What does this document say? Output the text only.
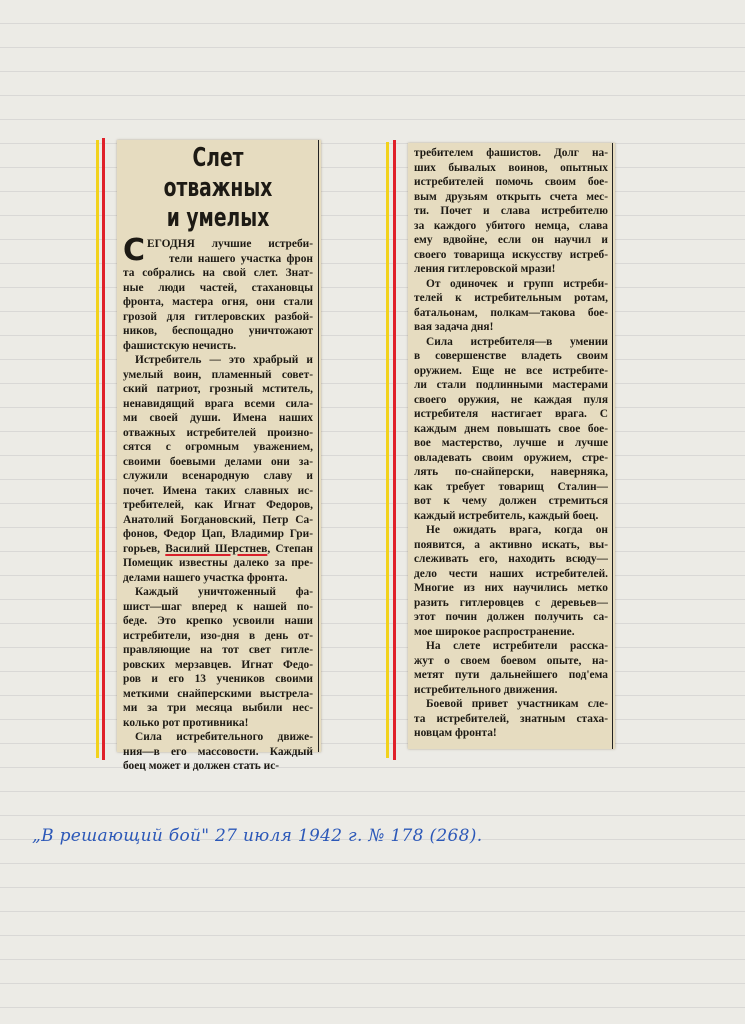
Слет отважных
и умелых
С ЕГОДНЯ лучшие истреби-
тели нашего участка фрон
та собрались на свой слет. Знат-
ные люди частей, стахановцы
фронта, мастера огня, они стали
грозой для гитлеровских разбой-
ников, беспощадно уничтожают
фашистскую нечисть.
Истребитель — это храбрый и
умелый воин, пламенный совет-
ский патриот, грозный мститель,
ненавидящий врага всеми сила-
ми своей души. Имена наших
отважных истребителей произно-
сятся с огромным уважением,
своими боевыми делами они за-
служили всенародную славу и
почет. Имена таких славных ис-
требителей, как Игнат Федоров,
Анатолий Богдановский, Петр Са-
фонов, Федор Цап, Владимир Гри-
горьев, Василий Шерстнев, Степан
Помещик известны далеко за пре-
делами нашего участка фронта.
Каждый уничтоженный фа-
шист—шаг вперед к нашей по-
беде. Это крепко усвоили наши
истребители, изо-дня в день от-
правляющие на тот свет гитле-
ровских мерзавцев. Игнат Федо-
ров и его 13 учеников своими
меткими снайперскими выстрела-
ми за три месяца выбили нес-
колько рот противника!
Сила истребительного движе-
ния—в его массовости. Каждый
боец может и должен стать ис-
требителем фашистов. Долг на-
ших бывалых воинов, опытных
истребителей помочь своим бое-
вым друзьям открыть счета мес-
ти. Почет и слава истребителю
за каждого убитого немца, слава
ему вдвойне, если он научил и
своего товарища искусству истреб-
ления гитлеровской мрази!
От одиночек и групп истреби-
телей к истребительным ротам,
батальонам, полкам—такова бое-
вая задача дня!
Сила истребителя—в умении
в совершенстве владеть своим
оружием. Еще не все истребите-
ли стали подлинными мастерами
своего оружия, не каждая пуля
истребителя настигает врага. С
каждым днем повышать свое бое-
вое мастерство, лучше и лучше
овладевать своим оружием, стре-
лять по-снайперски, наверняка,
как требует товарищ Сталин—
вот к чему должен стремиться
каждый истребитель, каждый боец.
Не ожидать врага, когда он
появится, а активно искать, вы-
слеживать его, находить всюду—
дело чести наших истребителей.
Многие из них научились метко
разить гитлеровцев с деревьев—
этот почин должен получить са-
мое широкое распространение.
На слете истребители расска-
жут о своем боевом опыте, на-
метят пути дальнейшего под'ема
истребительного движения.
Боевой привет участникам сле-
та истребителей, знатным стаха-
новцам фронта!
„В решающий бой" 27 июля 1942 г. № 178 (268).
